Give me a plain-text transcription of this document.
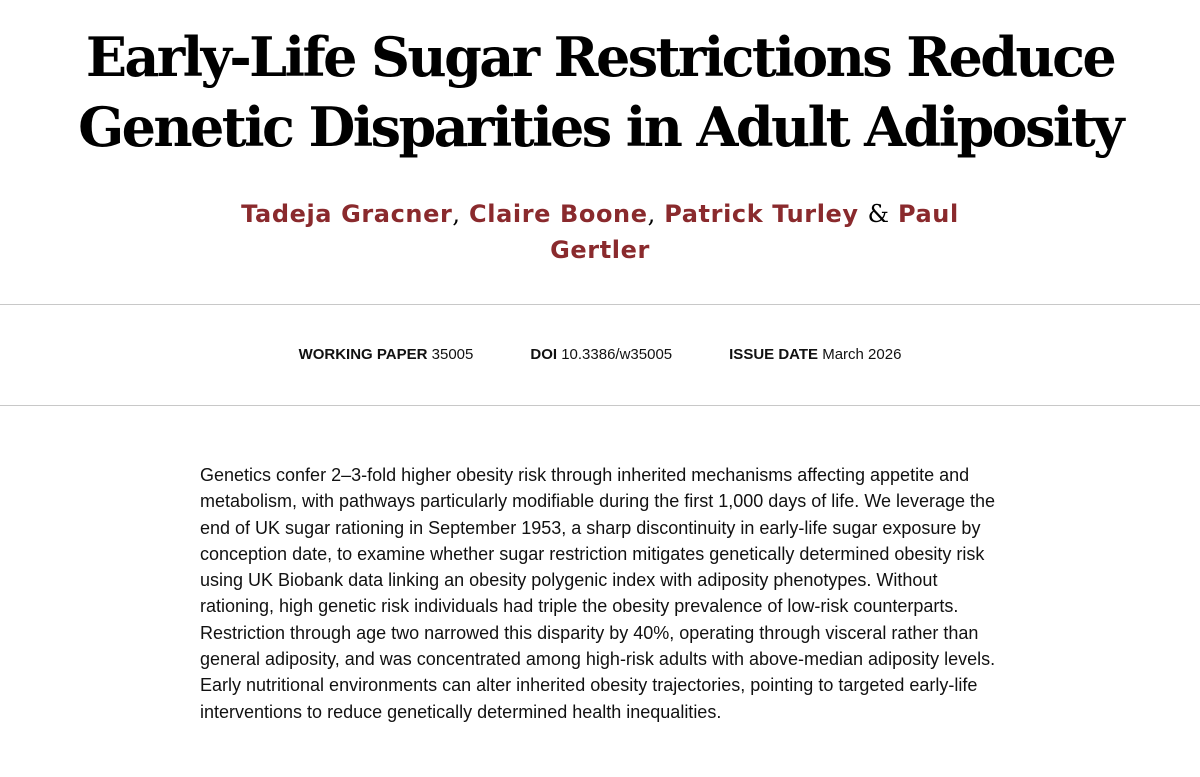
Early-Life Sugar Restrictions Reduce Genetic Disparities in Adult Adiposity
Tadeja Gracner, Claire Boone, Patrick Turley & Paul Gertler
WORKING PAPER 35005	DOI 10.3386/w35005	ISSUE DATE March 2026

Genetics confer 2–3-fold higher obesity risk through inherited mechanisms affecting appetite and metabolism, with pathways particularly modifiable during the first 1,000 days of life. We leverage the end of UK sugar rationing in September 1953, a sharp discontinuity in early-life sugar exposure by conception date, to examine whether sugar restriction mitigates genetically determined obesity risk using UK Biobank data linking an obesity polygenic index with adiposity phenotypes. Without rationing, high genetic risk individuals had triple the obesity prevalence of low-risk counterparts. Restriction through age two narrowed this disparity by 40%, operating through visceral rather than general adiposity, and was concentrated among high-risk adults with above-median adiposity levels. Early nutritional environments can alter inherited obesity trajectories, pointing to targeted early-life interventions to reduce genetically determined health inequalities.
